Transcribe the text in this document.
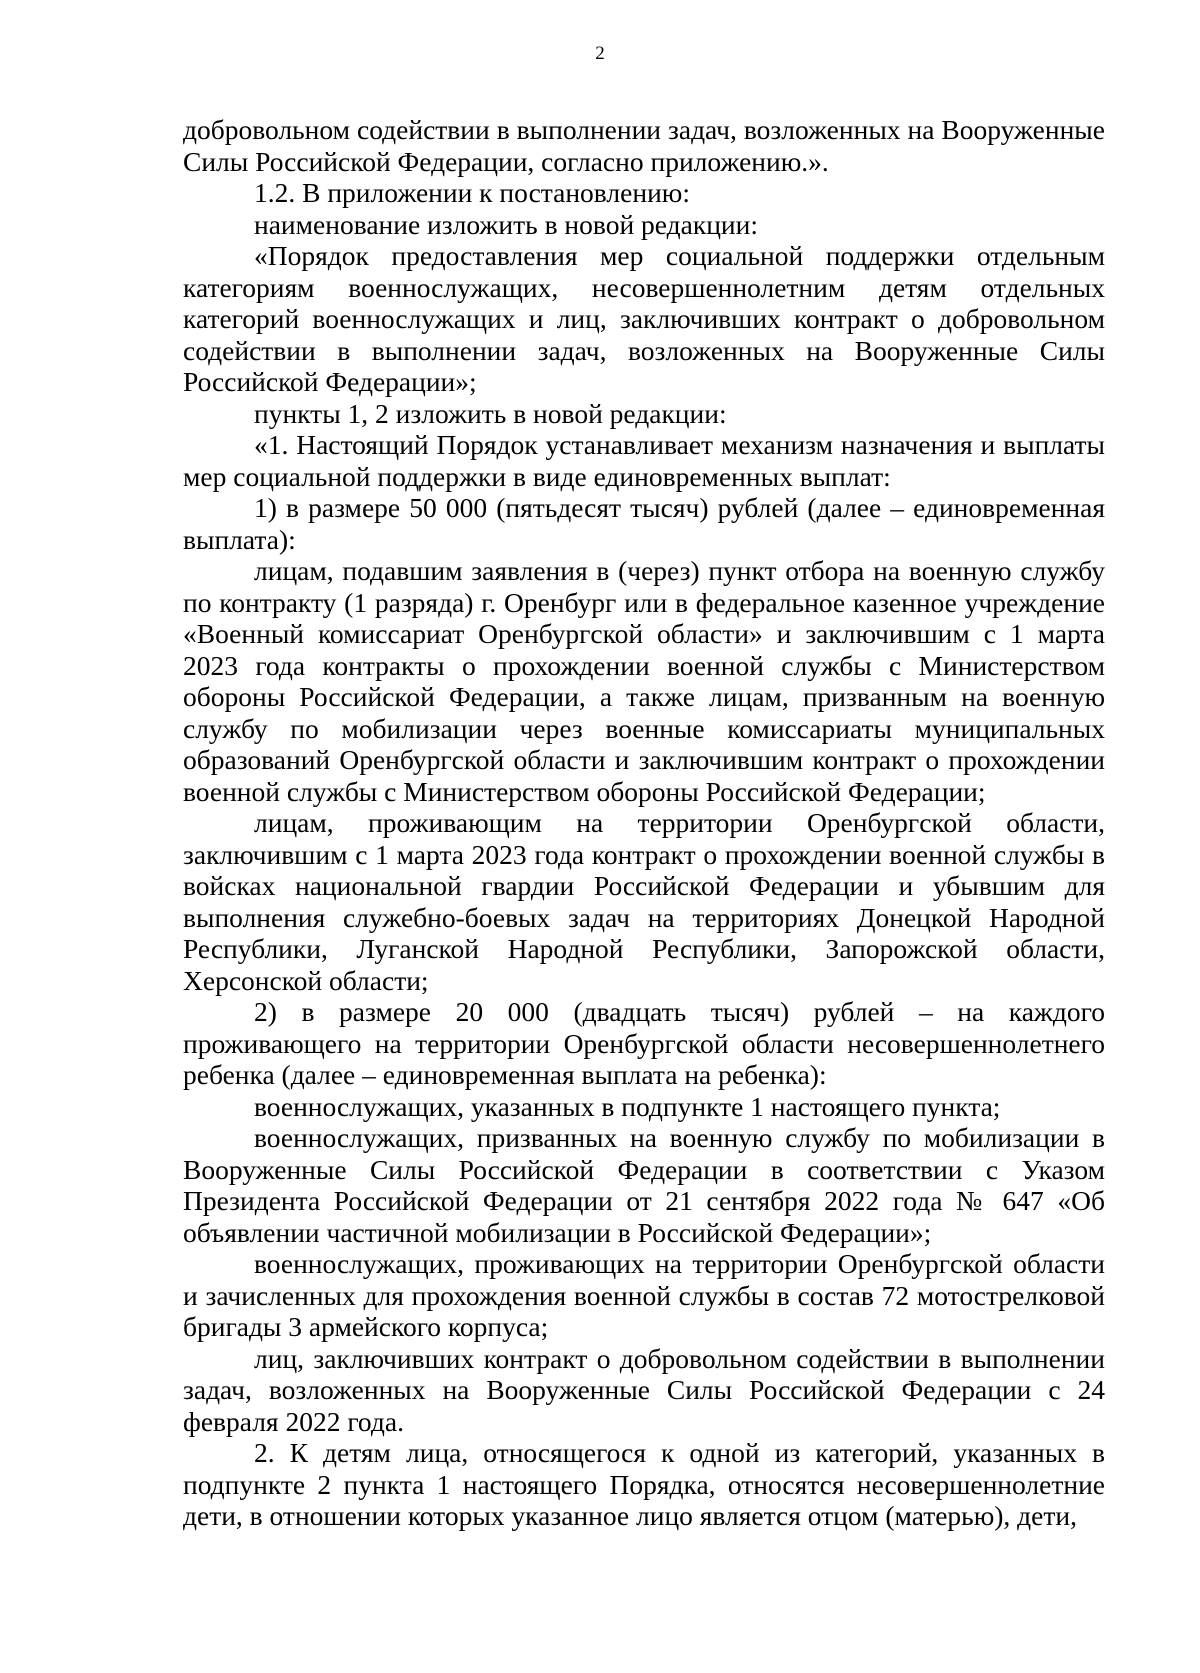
2

добровольном содействии в выполнении задач, возложенных на Вооруженные Силы Российской Федерации, согласно приложению.».

1.2. В приложении к постановлению:

наименование изложить в новой редакции:

«Порядок предоставления мер социальной поддержки отдельным категориям военнослужащих, несовершеннолетним детям отдельных категорий военнослужащих и лиц, заключивших контракт о добровольном содействии в выполнении задач, возложенных на Вооруженные Силы Российской Федерации»;

пункты 1, 2 изложить в новой редакции:

«1. Настоящий Порядок устанавливает механизм назначения и выплаты мер социальной поддержки в виде единовременных выплат:

1) в размере 50 000 (пятьдесят тысяч) рублей (далее – единовременная выплата):

лицам, подавшим заявления в (через) пункт отбора на военную службу по контракту (1 разряда) г. Оренбург или в федеральное казенное учреждение «Военный комиссариат Оренбургской области» и заключившим с 1 марта 2023 года контракты о прохождении военной службы с Министерством обороны Российской Федерации, а также лицам, призванным на военную службу по мобилизации через военные комиссариаты муниципальных образований Оренбургской области и заключившим контракт о прохождении военной службы с Министерством обороны Российской Федерации;

лицам, проживающим на территории Оренбургской области, заключившим с 1 марта 2023 года контракт о прохождении военной службы в войсках национальной гвардии Российской Федерации и убывшим для выполнения служебно-боевых задач на территориях Донецкой Народной Республики, Луганской Народной Республики, Запорожской области, Херсонской области;

2) в размере 20 000 (двадцать тысяч) рублей – на каждого проживающего на территории Оренбургской области несовершеннолетнего ребенка (далее – единовременная выплата на ребенка):

военнослужащих, указанных в подпункте 1 настоящего пункта;

военнослужащих, призванных на военную службу по мобилизации в Вооруженные Силы Российской Федерации в соответствии с Указом Президента Российской Федерации от 21 сентября 2022 года № 647 «Об объявлении частичной мобилизации в Российской Федерации»;

военнослужащих, проживающих на территории Оренбургской области и зачисленных для прохождения военной службы в состав 72 мотострелковой бригады 3 армейского корпуса;

лиц, заключивших контракт о добровольном содействии в выполнении задач, возложенных на Вооруженные Силы Российской Федерации с 24 февраля 2022 года.

2. К детям лица, относящегося к одной из категорий, указанных в подпункте 2 пункта 1 настоящего Порядка, относятся несовершеннолетние дети, в отношении которых указанное лицо является отцом (матерью), дети,
